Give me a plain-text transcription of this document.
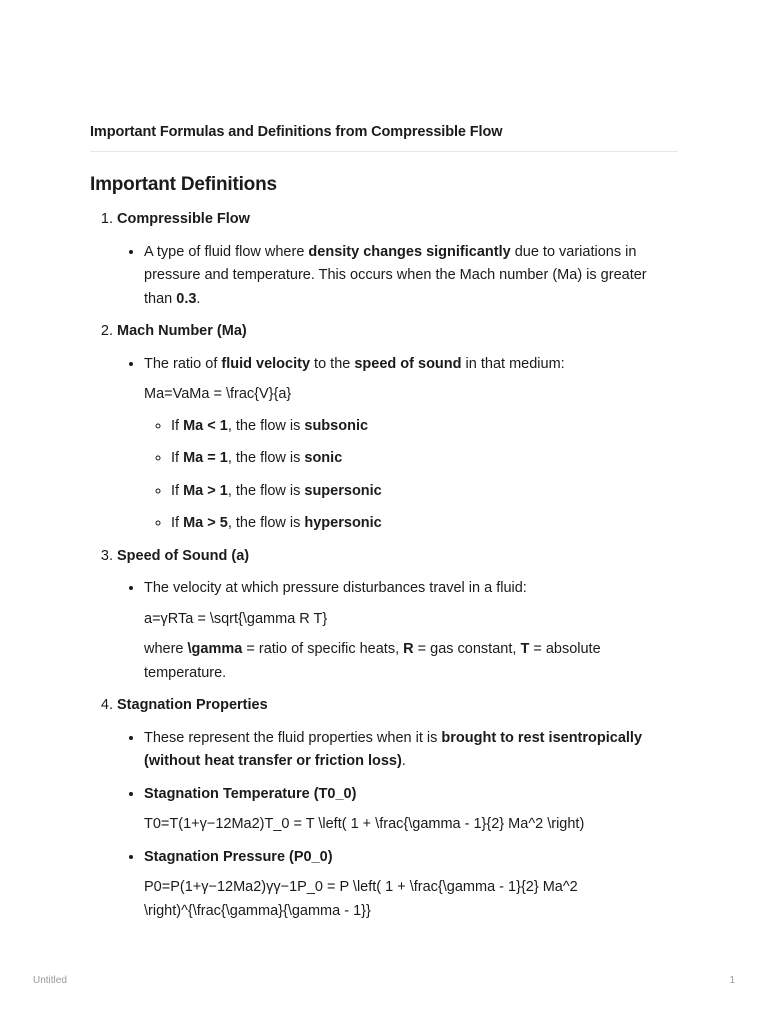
Important Formulas and Definitions from Compressible Flow
Important Definitions
1. Compressible Flow
• A type of fluid flow where density changes significantly due to variations in pressure and temperature. This occurs when the Mach number (Ma) is greater than 0.3.
2. Mach Number (Ma)
• The ratio of fluid velocity to the speed of sound in that medium:

Ma=VaMa = \frac{V}{a}

◦ If Ma < 1, the flow is subsonic
◦ If Ma = 1, the flow is sonic
◦ If Ma > 1, the flow is supersonic
◦ If Ma > 5, the flow is hypersonic
3. Speed of Sound (a)
• The velocity at which pressure disturbances travel in a fluid:

a=γRTa = \sqrt{\gamma R T}

where \gamma = ratio of specific heats, R = gas constant, T = absolute temperature.

4. Stagnation Properties
• These represent the fluid properties when it is brought to rest isentropically (without heat transfer or friction loss).
• Stagnation Temperature (T0_0)

T0=T(1+γ−12Ma2)T_0 = T \left( 1 + \frac{\gamma - 1}{2} Ma^2 \right)

• Stagnation Pressure (P0_0)

P0=P(1+γ−12Ma2)γγ−1P_0 = P \left( 1 + \frac{\gamma - 1}{2} Ma^2 \right)^{\frac{\gamma}{\gamma - 1}}

Untitled	1
